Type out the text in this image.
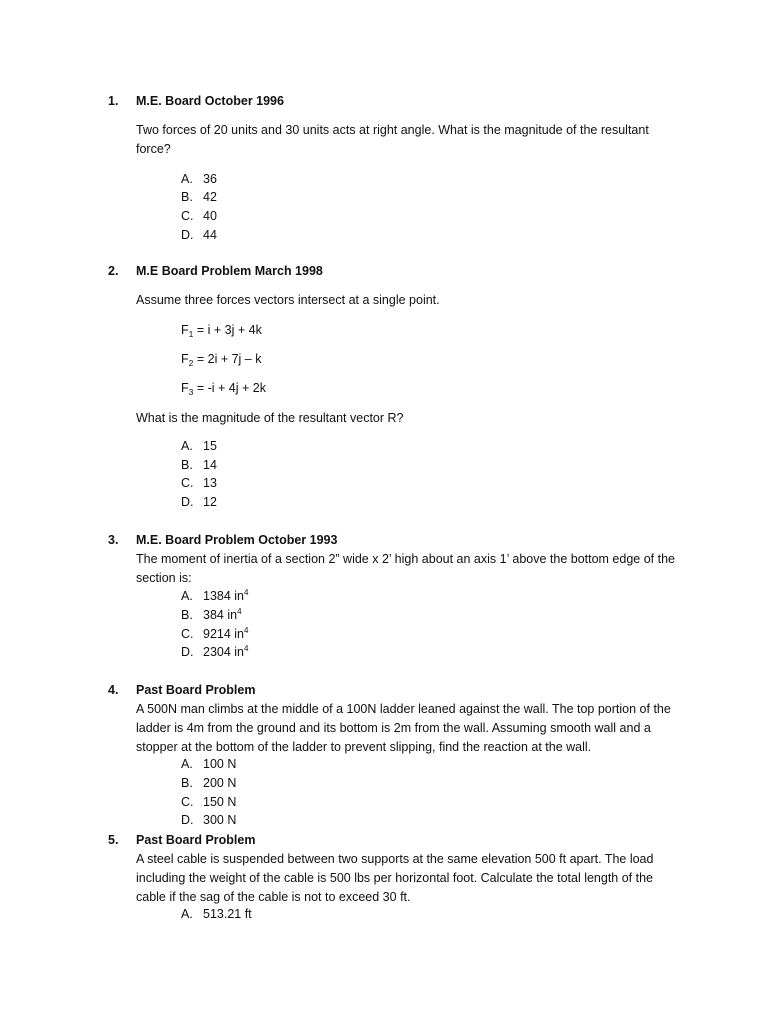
1.	M.E. Board October 1996
Two forces of 20 units and 30 units acts at right angle. What is the magnitude of the resultant force?
A. 36
B. 42
C. 40
D. 44
2.	M.E Board Problem March 1998
Assume three forces vectors intersect at a single point.
$F_1 = i + 3j + 4k$
$F_2 = 2i + 7j - k$
$F_3 = -i + 4j + 2k$
What is the magnitude of the resultant vector R?
A. 15
B. 14
C. 13
D. 12
3.	M.E. Board Problem October 1993
The moment of inertia of a section 2” wide x 2’ high about an axis 1’ above the bottom edge of the section is:
A. 1384 $in^4$
B. 384 $in^4$
C. 9214 $in^4$
D. 2304 $in^4$
4.	Past Board Problem
A 500N man climbs at the middle of a 100N ladder leaned against the wall. The top portion of the ladder is 4m from the ground and its bottom is 2m from the wall. Assuming smooth wall and a stopper at the bottom of the ladder to prevent slipping, find the reaction at the wall.
A. 100 N
B. 200 N
C. 150 N
D. 300 N
5.	Past Board Problem
A steel cable is suspended between two supports at the same elevation 500 ft apart. The load including the weight of the cable is 500 lbs per horizontal foot. Calculate the total length of the cable if the sag of the cable is not to exceed 30 ft.
A. 513.21 ft
